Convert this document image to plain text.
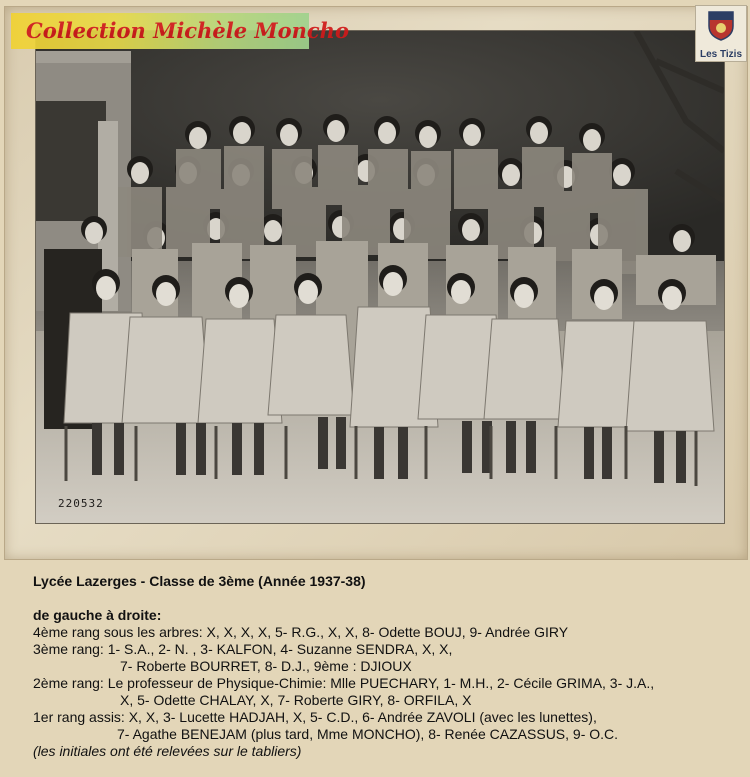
220532
Collection Michèle Moncho
Les Tizis
Lycée Lazerges - Classe de 3ème (Année 1937-38)
de gauche à droite:
4ème rang sous les arbres: X, X, X, X, 5- R.G., X, X, 8- Odette BOUJ, 9- Andrée GIRY
3ème rang: 1- S.A., 2- N. , 3- KALFON, 4- Suzanne SENDRA, X, X,
7- Roberte BOURRET, 8- D.J., 9ème : DJIOUX
2ème rang: Le professeur de Physique-Chimie: Mlle PUECHARY, 1- M.H., 2- Cécile GRIMA, 3- J.A.,
X, 5- Odette CHALAY, X, 7- Roberte GIRY, 8- ORFILA, X
1er rang assis: X, X, 3- Lucette HADJAH, X, 5- C.D., 6- Andrée ZAVOLI (avec les lunettes),
7- Agathe BENEJAM (plus tard, Mme MONCHO), 8- Renée CAZASSUS, 9- O.C.
(les initiales ont été relevées sur le tabliers)
